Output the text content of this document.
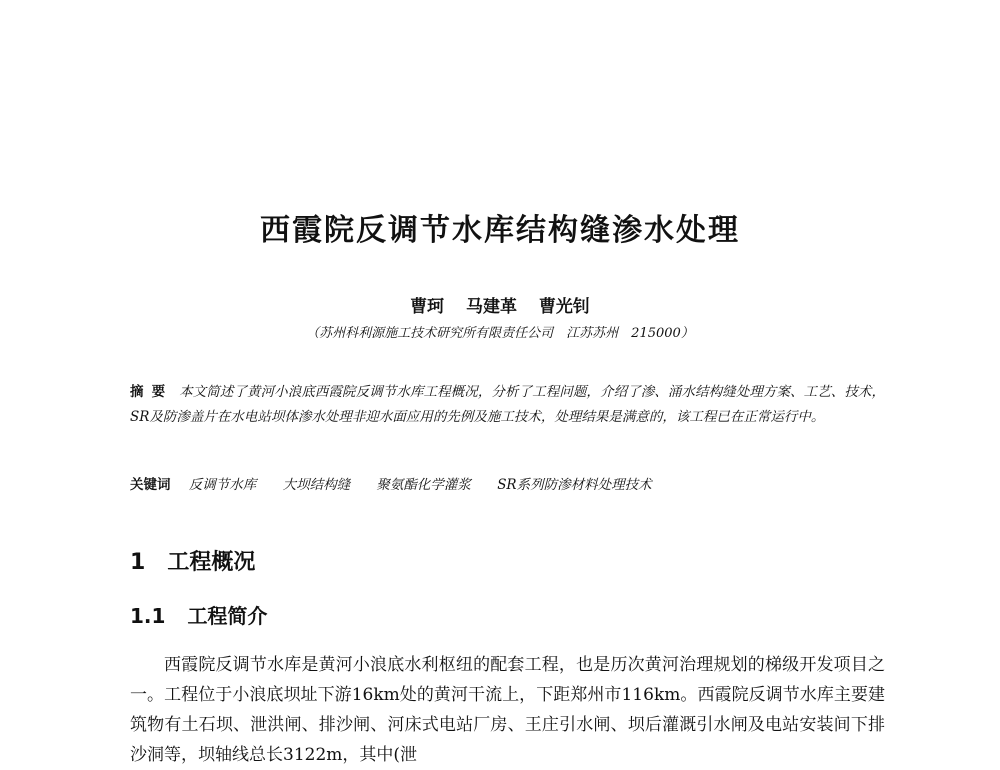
西霞院反调节水库结构缝渗水处理
曹珂 马建革 曹光钊
（苏州科利源施工技术研究所有限责任公司　江苏苏州　215000）
摘要 本文简述了黄河小浪底西霞院反调节水库工程概况，分析了工程问题，介绍了渗、涌水结构缝处理方案、工艺、技术，SR及防渗盖片在水电站坝体渗水处理非迎水面应用的先例及施工技术，处理结果是满意的，该工程已在正常运行中。
关键词 反调节水库 大坝结构缝 聚氨酯化学灌浆 SR系列防渗材料处理技术
1 工程概况
1.1 工程简介
西霞院反调节水库是黄河小浪底水利枢纽的配套工程，也是历次黄河治理规划的梯级开发项目之一。工程位于小浪底坝址下游16km处的黄河干流上，下距郑州市116km。西霞院反调节水库主要建筑物有土石坝、泄洪闸、排沙闸、河床式电站厂房、王庄引水闸、坝后灌溉引水闸及电站安装间下排沙洞等，坝轴线总长3122m，其中(泄
